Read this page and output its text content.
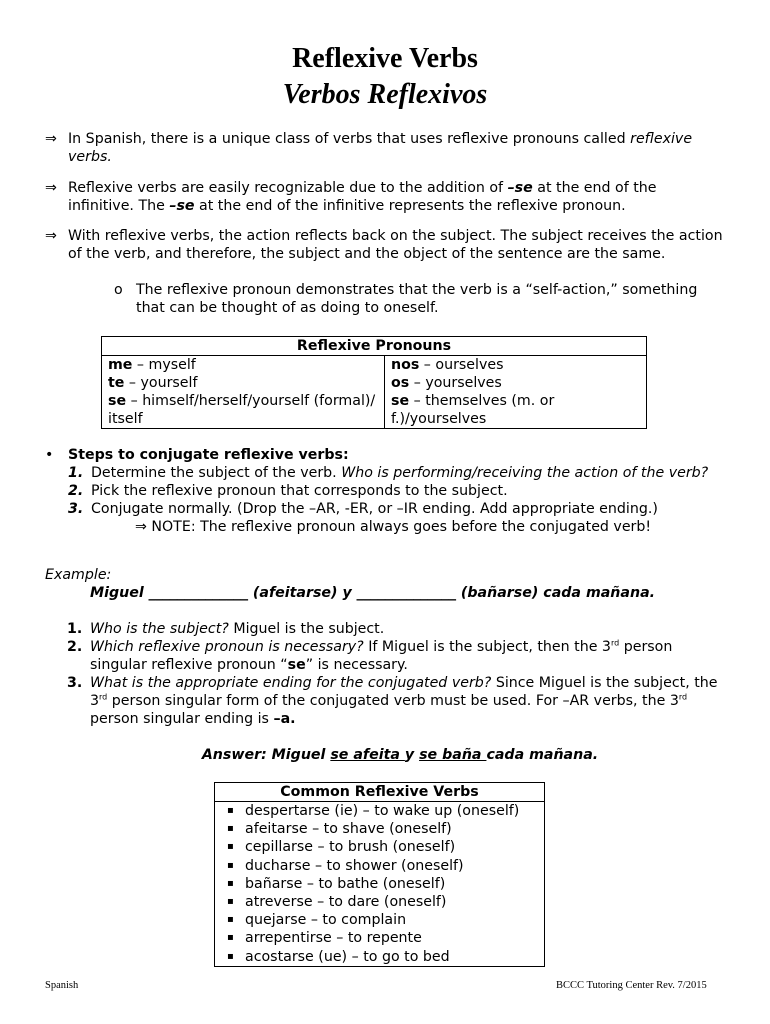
Reflexive Verbs
Verbos Reflexivos
⇒ In Spanish, there is a unique class of verbs that uses reflexive pronouns called reflexive verbs.
⇒ Reflexive verbs are easily recognizable due to the addition of –se at the end of the infinitive. The –se at the end of the infinitive represents the reflexive pronoun.
⇒ With reflexive verbs, the action reflects back on the subject. The subject receives the action of the verb, and therefore, the subject and the object of the sentence are the same.
o The reflexive pronoun demonstrates that the verb is a “self-action,” something that can be thought of as doing to oneself.
Reflexive Pronouns

me – myself
te – yourself
se – himself/herself/yourself (formal)/ itself

nos – ourselves
os – yourselves
se – themselves (m. or f.)/yourselves
• Steps to conjugate reflexive verbs:
1. Determine the subject of the verb. Who is performing/receiving the action of the verb?
2. Pick the reflexive pronoun that corresponds to the subject.
3. Conjugate normally. (Drop the –AR, -ER, or –IR ending. Add appropriate ending.)
⇒ NOTE: The reflexive pronoun always goes before the conjugated verb!
Example:
Miguel ______________ (afeitarse) y ______________ (bañarse) cada mañana.
1. Who is the subject? Miguel is the subject.
2. Which reflexive pronoun is necessary? If Miguel is the subject, then the 3rd person singular reflexive pronoun “se” is necessary.
3. What is the appropriate ending for the conjugated verb? Since Miguel is the subject, the 3rd person singular form of the conjugated verb must be used. For –AR verbs, the 3rd person singular ending is –a.
Answer: Miguel se afeita y se baña cada mañana.
Common Reflexive Verbs

▪ despertarse (ie) – to wake up (oneself)
▪ afeitarse – to shave (oneself)
▪ cepillarse – to brush (oneself)
▪ ducharse – to shower (oneself)
▪ bañarse – to bathe (oneself)
▪ atreverse – to dare (oneself)
▪ quejarse – to complain
▪ arrepentirse – to repente
▪ acostarse (ue) – to go to bed
Spanish	BCCC Tutoring Center Rev. 7/2015
